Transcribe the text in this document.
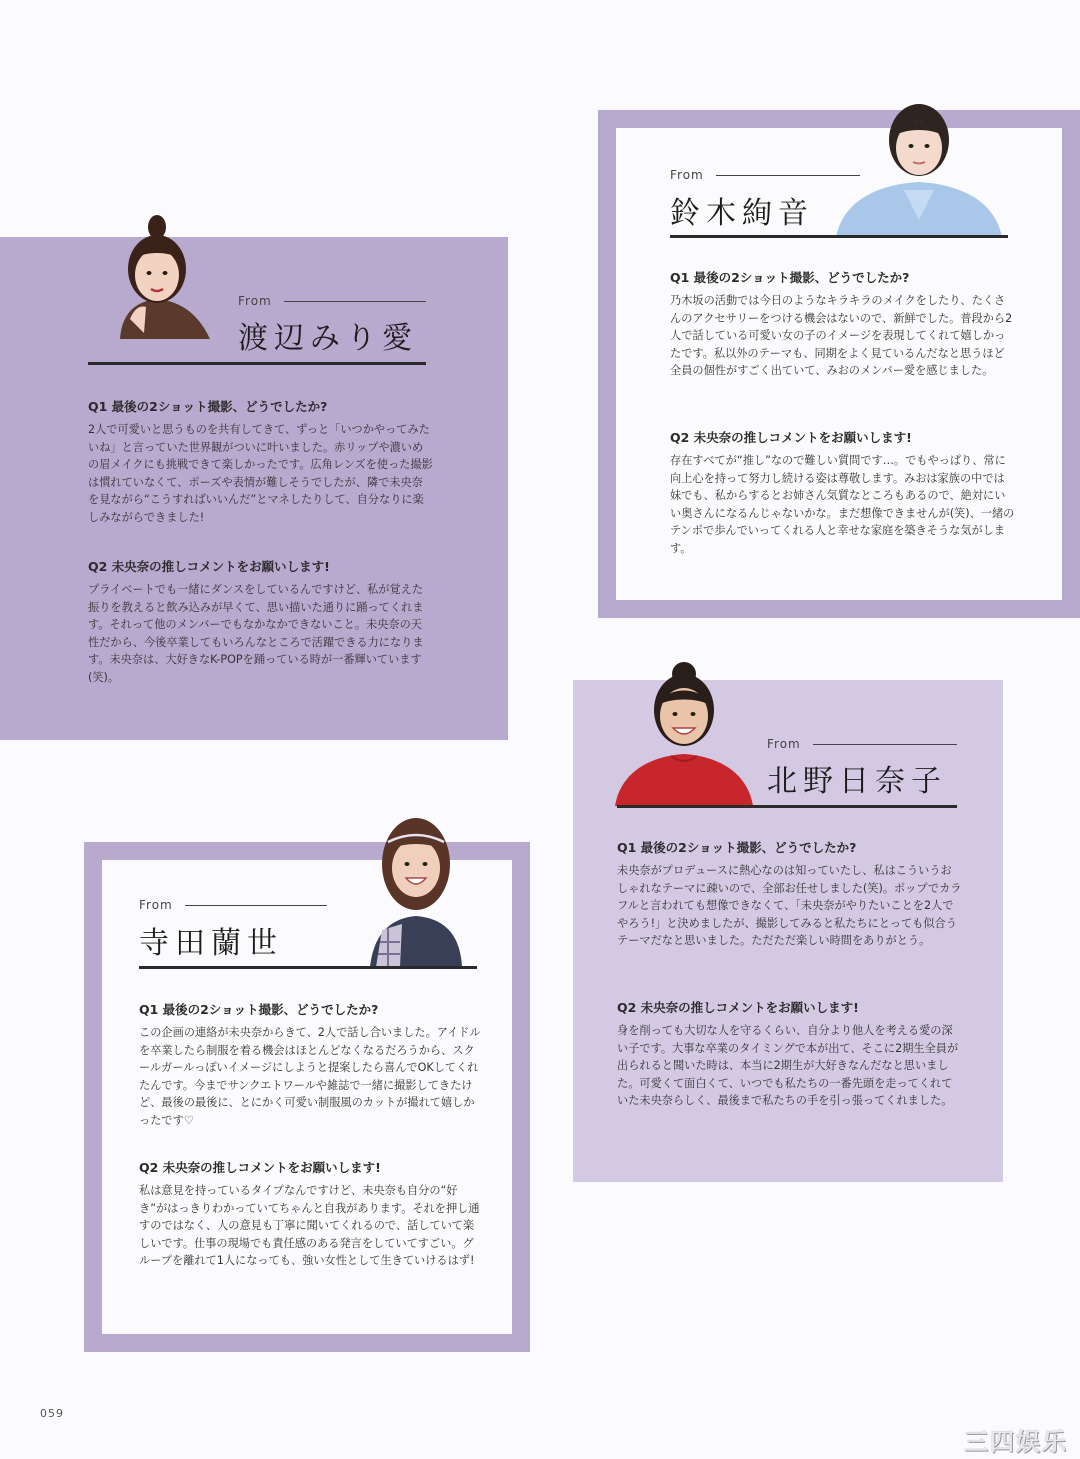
From
渡辺みり愛

Q1 最後の2ショット撮影、どうでしたか?

2人で可愛いと思うものを共有してきて、ずっと「いつかやってみたいね」と言っていた世界観がついに叶いました。赤リップや濃いめの眉メイクにも挑戦できて楽しかったです。広角レンズを使った撮影は慣れていなくて、ポーズや表情が難しそうでしたが、隣で未央奈を見ながら“こうすればいいんだ”とマネしたりして、自分なりに楽しみながらできました!

Q2 未央奈の推しコメントをお願いします!

プライベートでも一緒にダンスをしているんですけど、私が覚えた振りを教えると飲み込みが早くて、思い描いた通りに踊ってくれます。それって他のメンバーでもなかなかできないこと。未央奈の天性だから、今後卒業してもいろんなところで活躍できる力になります。未央奈は、大好きなK-POPを踊っている時が一番輝いています(笑)。

From
鈴木絢音

Q1 最後の2ショット撮影、どうでしたか?

乃木坂の活動では今日のようなキラキラのメイクをしたり、たくさんのアクセサリーをつける機会はないので、新鮮でした。普段から2人で話している可愛い女の子のイメージを表現してくれて嬉しかったです。私以外のテーマも、同期をよく見ているんだなと思うほど全員の個性がすごく出ていて、みおのメンバー愛を感じました。

Q2 未央奈の推しコメントをお願いします!

存在すべてが“推し”なので難しい質問です…。でもやっぱり、常に向上心を持って努力し続ける姿は尊敬します。みおは家族の中では妹でも、私からするとお姉さん気質なところもあるので、絶対にいい奥さんになるんじゃないかな。まだ想像できませんが(笑)、一緒のテンポで歩んでいってくれる人と幸せな家庭を築きそうな気がします。

From
北野日奈子

Q1 最後の2ショット撮影、どうでしたか?

未央奈がプロデュースに熱心なのは知っていたし、私はこういうおしゃれなテーマに疎いので、全部お任せしました(笑)。ポップでカラフルと言われても想像できなくて、「未央奈がやりたいことを2人でやろう!」と決めましたが、撮影してみると私たちにとっても似合うテーマだなと思いました。ただただ楽しい時間をありがとう。

Q2 未央奈の推しコメントをお願いします!

身を削っても大切な人を守るくらい、自分より他人を考える愛の深い子です。大事な卒業のタイミングで本が出て、そこに2期生全員が出られると聞いた時は、本当に2期生が大好きなんだなと思いました。可愛くて面白くて、いつでも私たちの一番先頭を走ってくれていた未央奈らしく、最後まで私たちの手を引っ張ってくれました。

From
寺田蘭世

Q1 最後の2ショット撮影、どうでしたか?

この企画の連絡が未央奈からきて、2人で話し合いました。アイドルを卒業したら制服を着る機会はほとんどなくなるだろうから、スクールガールっぽいイメージにしようと提案したら喜んでOKしてくれたんです。今までサンクエトワールや雑誌で一緒に撮影してきたけど、最後の最後に、とにかく可愛い制服風のカットが撮れて嬉しかったです♡

Q2 未央奈の推しコメントをお願いします!

私は意見を持っているタイプなんですけど、未央奈も自分の“好き”がはっきりわかっていてちゃんと自我があります。それを押し通すのではなく、人の意見も丁寧に聞いてくれるので、話していて楽しいです。仕事の現場でも責任感のある発言をしていてすごい。グループを離れて1人になっても、強い女性として生きていけるはず!

059
三四娱乐
